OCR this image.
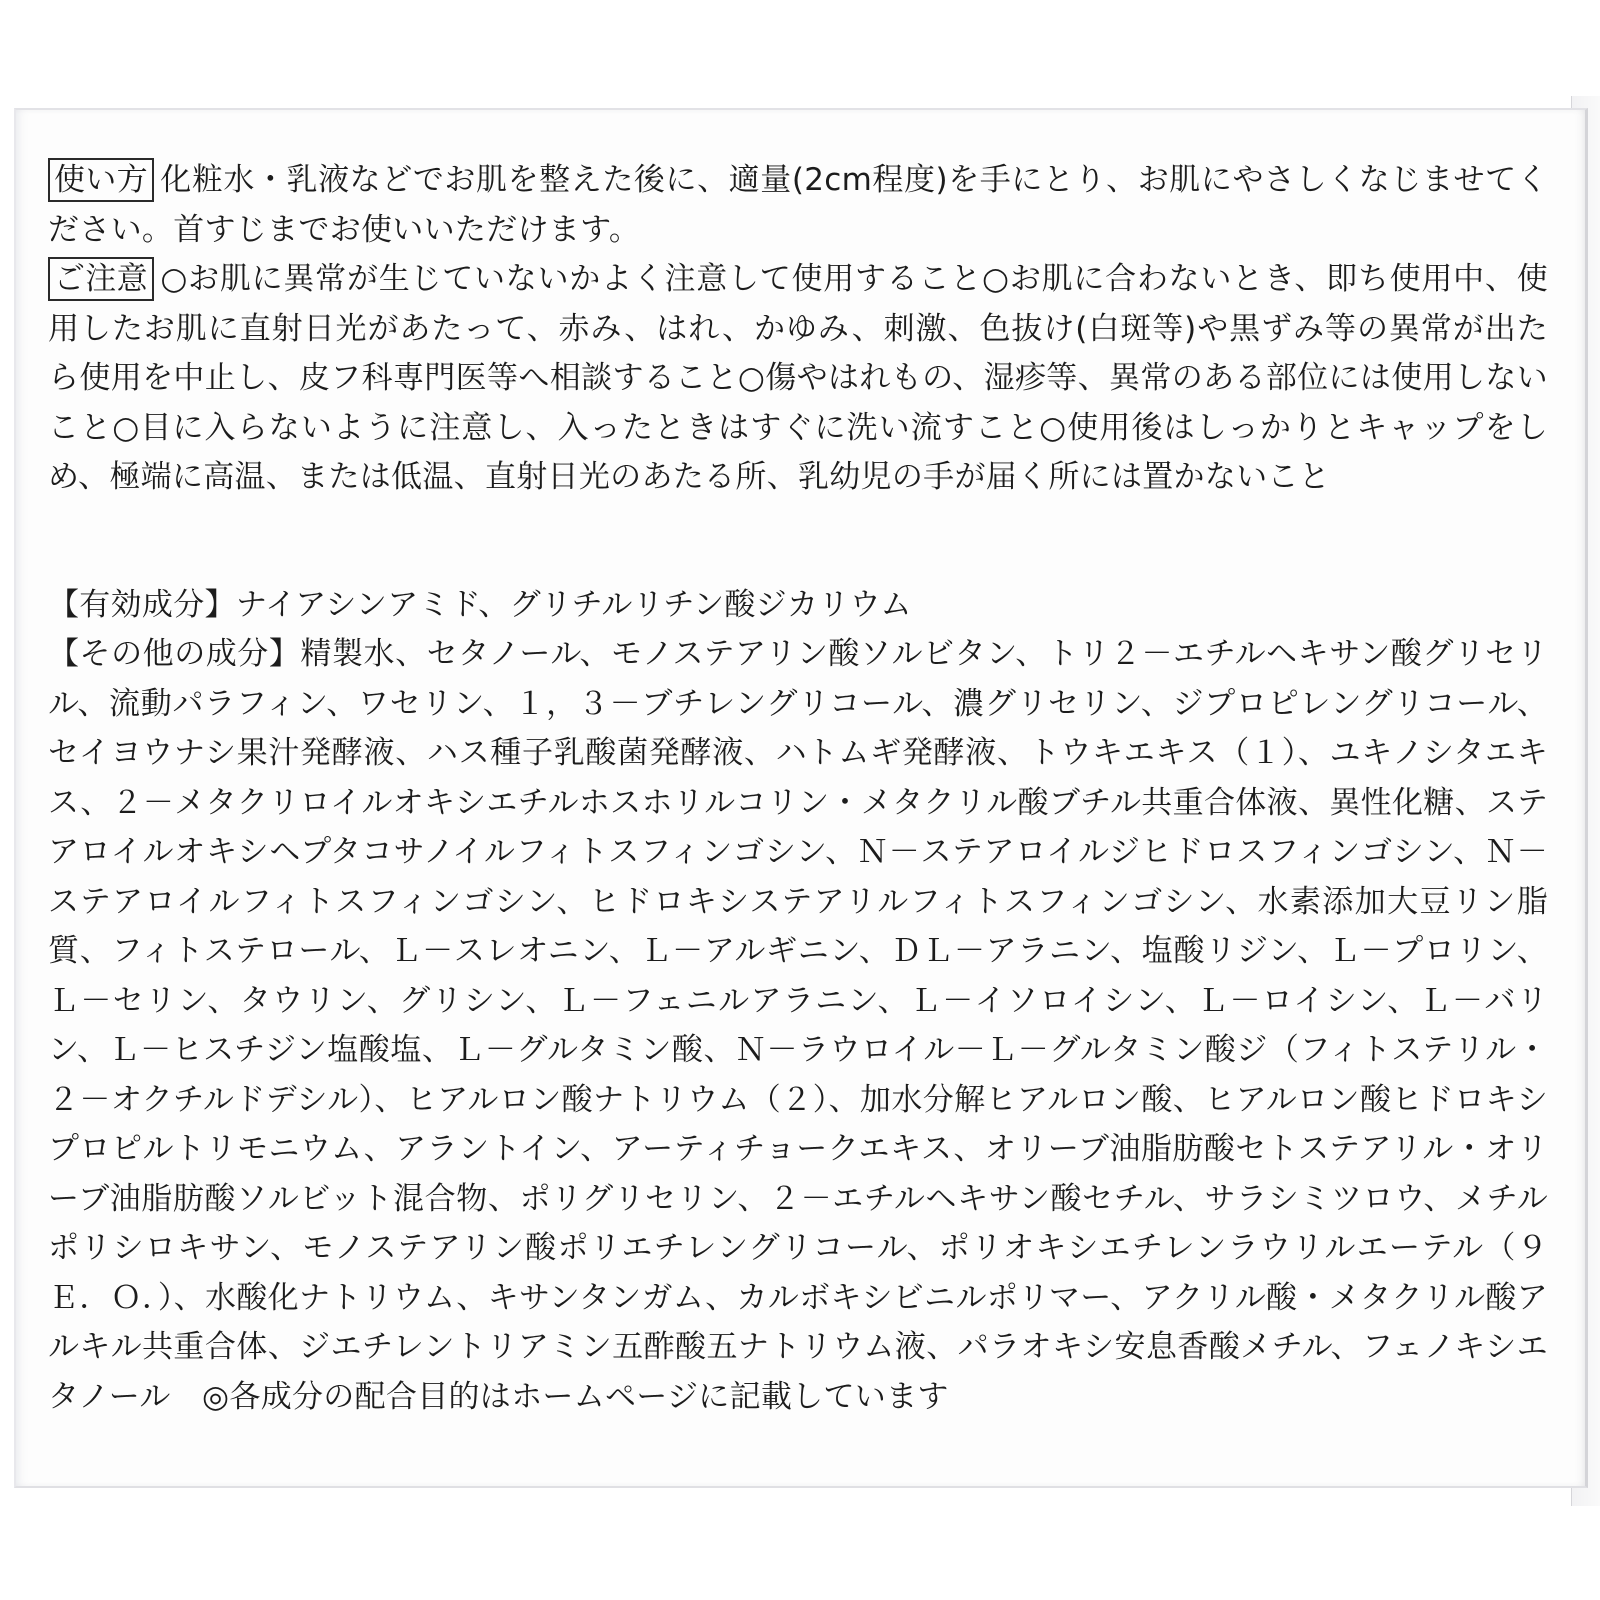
使い方 化粧水・乳液などでお肌を整えた後に、適量(2cm程度)を手にとり、お肌にやさしくなじませてください。首すじまでお使いいただけます。

ご注意 ○お肌に異常が生じていないかよく注意して使用すること○お肌に合わないとき、即ち使用中、使用したお肌に直射日光があたって、赤み、はれ、かゆみ、刺激、色抜け(白斑等)や黒ずみ等の異常が出たら使用を中止し、皮フ科専門医等へ相談すること○傷やはれもの、湿疹等、異常のある部位には使用しないこと○目に入らないように注意し、入ったときはすぐに洗い流すこと○使用後はしっかりとキャップをしめ、極端に高温、または低温、直射日光のあたる所、乳幼児の手が届く所には置かないこと

【有効成分】ナイアシンアミド、グリチルリチン酸ジカリウム

【その他の成分】精製水、セタノール、モノステアリン酸ソルビタン、トリ２－エチルヘキサン酸グリセリル、流動パラフィン、ワセリン、１，３－ブチレングリコール、濃グリセリン、ジプロピレングリコール、セイヨウナシ果汁発酵液、ハス種子乳酸菌発酵液、ハトムギ発酵液、トウキエキス（１）、ユキノシタエキス、２－メタクリロイルオキシエチルホスホリルコリン・メタクリル酸ブチル共重合体液、異性化糖、ステアロイルオキシヘプタコサノイルフィトスフィンゴシン、Ｎ－ステアロイルジヒドロスフィンゴシン、Ｎ－ステアロイルフィトスフィンゴシン、ヒドロキシステアリルフィトスフィンゴシン、水素添加大豆リン脂質、フィトステロール、Ｌ－スレオニン、Ｌ－アルギニン、ＤＬ－アラニン、塩酸リジン、Ｌ－プロリン、Ｌ－セリン、タウリン、グリシン、Ｌ－フェニルアラニン、Ｌ－イソロイシン、Ｌ－ロイシン、Ｌ－バリン、Ｌ－ヒスチジン塩酸塩、Ｌ－グルタミン酸、Ｎ－ラウロイル－Ｌ－グルタミン酸ジ（フィトステリル・２－オクチルドデシル）、ヒアルロン酸ナトリウム（２）、加水分解ヒアルロン酸、ヒアルロン酸ヒドロキシプロピルトリモニウム、アラントイン、アーティチョークエキス、オリーブ油脂肪酸セトステアリル・オリーブ油脂肪酸ソルビット混合物、ポリグリセリン、２－エチルヘキサン酸セチル、サラシミツロウ、メチルポリシロキサン、モノステアリン酸ポリエチレングリコール、ポリオキシエチレンラウリルエーテル（９Ｅ．Ｏ．）、水酸化ナトリウム、キサンタンガム、カルボキシビニルポリマー、アクリル酸・メタクリル酸アルキル共重合体、ジエチレントリアミン五酢酸五ナトリウム液、パラオキシ安息香酸メチル、フェノキシエタノール　 ◎各成分の配合目的はホームページに記載しています
